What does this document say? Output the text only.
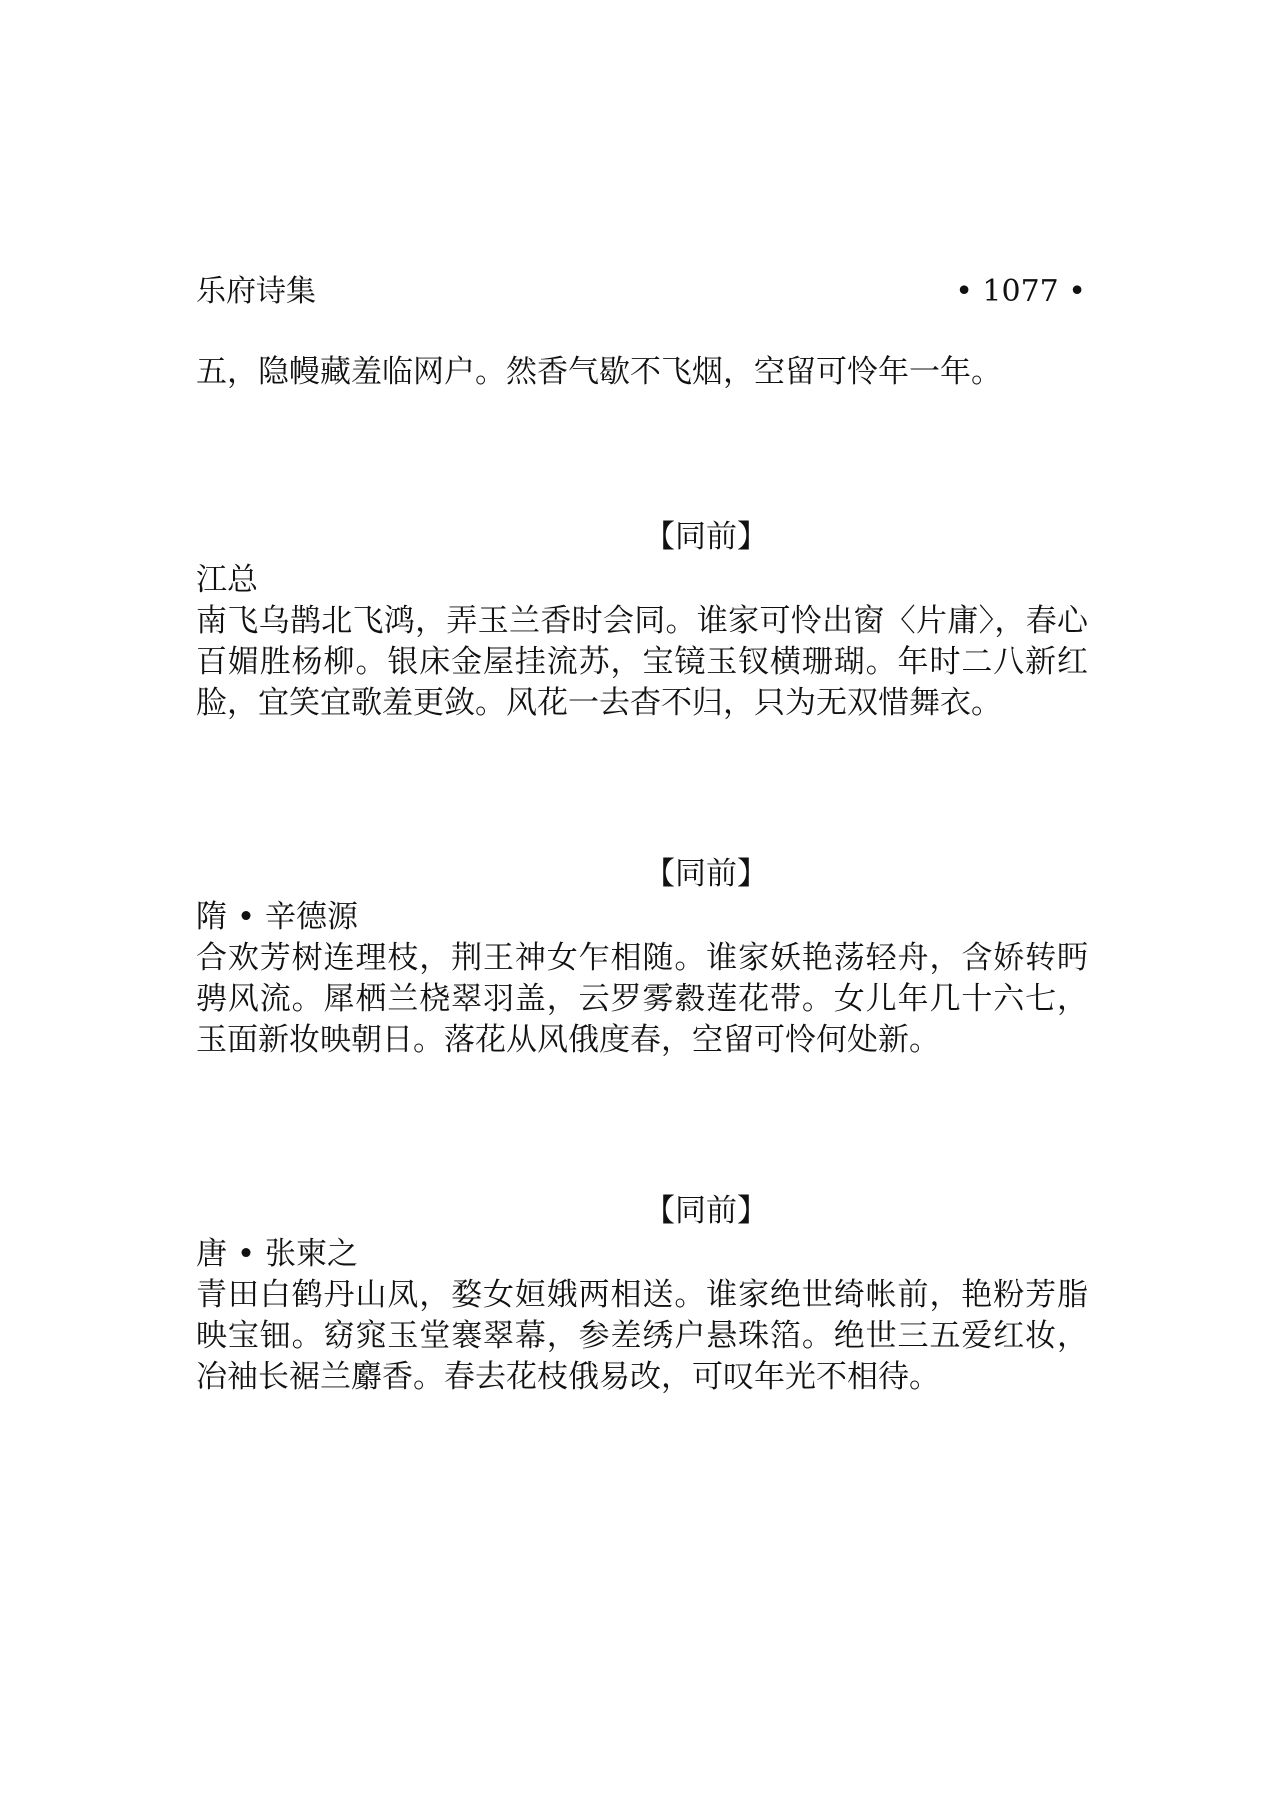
乐府诗集	• 1077 •

五，隐幔藏羞临网户。然香气歇不飞烟，空留可怜年一年。

【同前】

江总

南飞乌鹊北飞鸿，弄玉兰香时会同。谁家可怜出窗〈片庸〉，春心百媚胜杨柳。银床金屋挂流苏，宝镜玉钗横珊瑚。年时二八新红脸，宜笑宜歌羞更敛。风花一去杳不归，只为无双惜舞衣。

【同前】

隋 • 辛德源

合欢芳树连理枝，荆王神女乍相随。谁家妖艳荡轻舟，含娇转眄骋风流。犀栖兰桡翠羽盖，云罗雾縠莲花带。女儿年几十六七，玉面新妆映朝日。落花从风俄度春，空留可怜何处新。

【同前】

唐 • 张柬之

青田白鹤丹山凤，婺女姮娥两相送。谁家绝世绮帐前，艳粉芳脂映宝钿。窈窕玉堂褰翠幕，参差绣户悬珠箔。绝世三五爱红妆，冶袖长裾兰麝香。春去花枝俄易改，可叹年光不相待。
